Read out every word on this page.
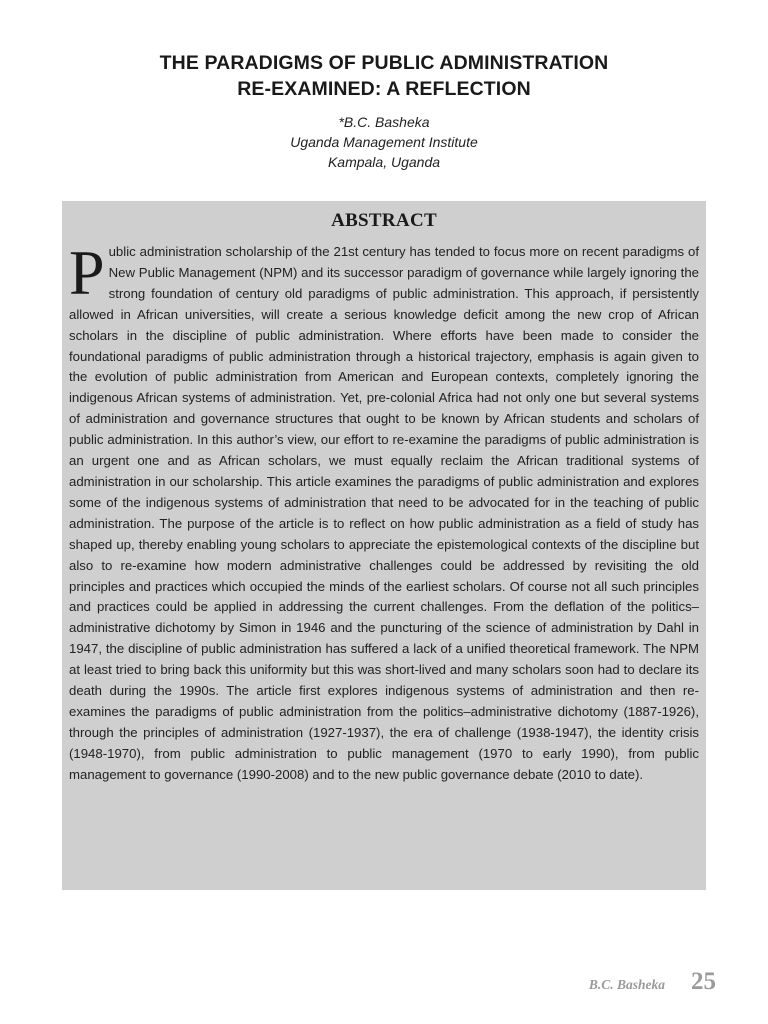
THE PARADIGMS OF PUBLIC ADMINISTRATION
RE-EXAMINED: A REFLECTION
*B.C. Basheka
Uganda Management Institute
Kampala, Uganda
ABSTRACT
Public administration scholarship of the 21st century has tended to focus more on recent paradigms of New Public Management (NPM) and its successor paradigm of governance while largely ignoring the strong foundation of century old paradigms of public administration. This approach, if persistently allowed in African universities, will create a serious knowledge deficit among the new crop of African scholars in the discipline of public administration. Where efforts have been made to consider the foundational paradigms of public administration through a historical trajectory, emphasis is again given to the evolution of public administration from American and European contexts, completely ignoring the indigenous African systems of administration. Yet, pre-colonial Africa had not only one but several systems of administration and governance structures that ought to be known by African students and scholars of public administration. In this author’s view, our effort to re-examine the paradigms of public administration is an urgent one and as African scholars, we must equally reclaim the African traditional systems of administration in our scholarship. This article examines the paradigms of public administration and explores some of the indigenous systems of administration that need to be advocated for in the teaching of public administration. The purpose of the article is to reflect on how public administration as a field of study has shaped up, thereby enabling young scholars to appreciate the epistemological contexts of the discipline but also to re-examine how modern administrative challenges could be addressed by revisiting the old principles and practices which occupied the minds of the earliest scholars. Of course not all such principles and practices could be applied in addressing the current challenges. From the deflation of the politics–administrative dichotomy by Simon in 1946 and the puncturing of the science of administration by Dahl in 1947, the discipline of public administration has suffered a lack of a unified theoretical framework. The NPM at least tried to bring back this uniformity but this was short-lived and many scholars soon had to declare its death during the 1990s. The article first explores indigenous systems of administration and then re-examines the paradigms of public administration from the politics–administrative dichotomy (1887-1926), through the principles of administration (1927-1937), the era of challenge (1938-1947), the identity crisis (1948-1970), from public administration to public management (1970 to early 1990), from public management to governance (1990-2008) and to the new public governance debate (2010 to date).
B.C. Basheka 25
